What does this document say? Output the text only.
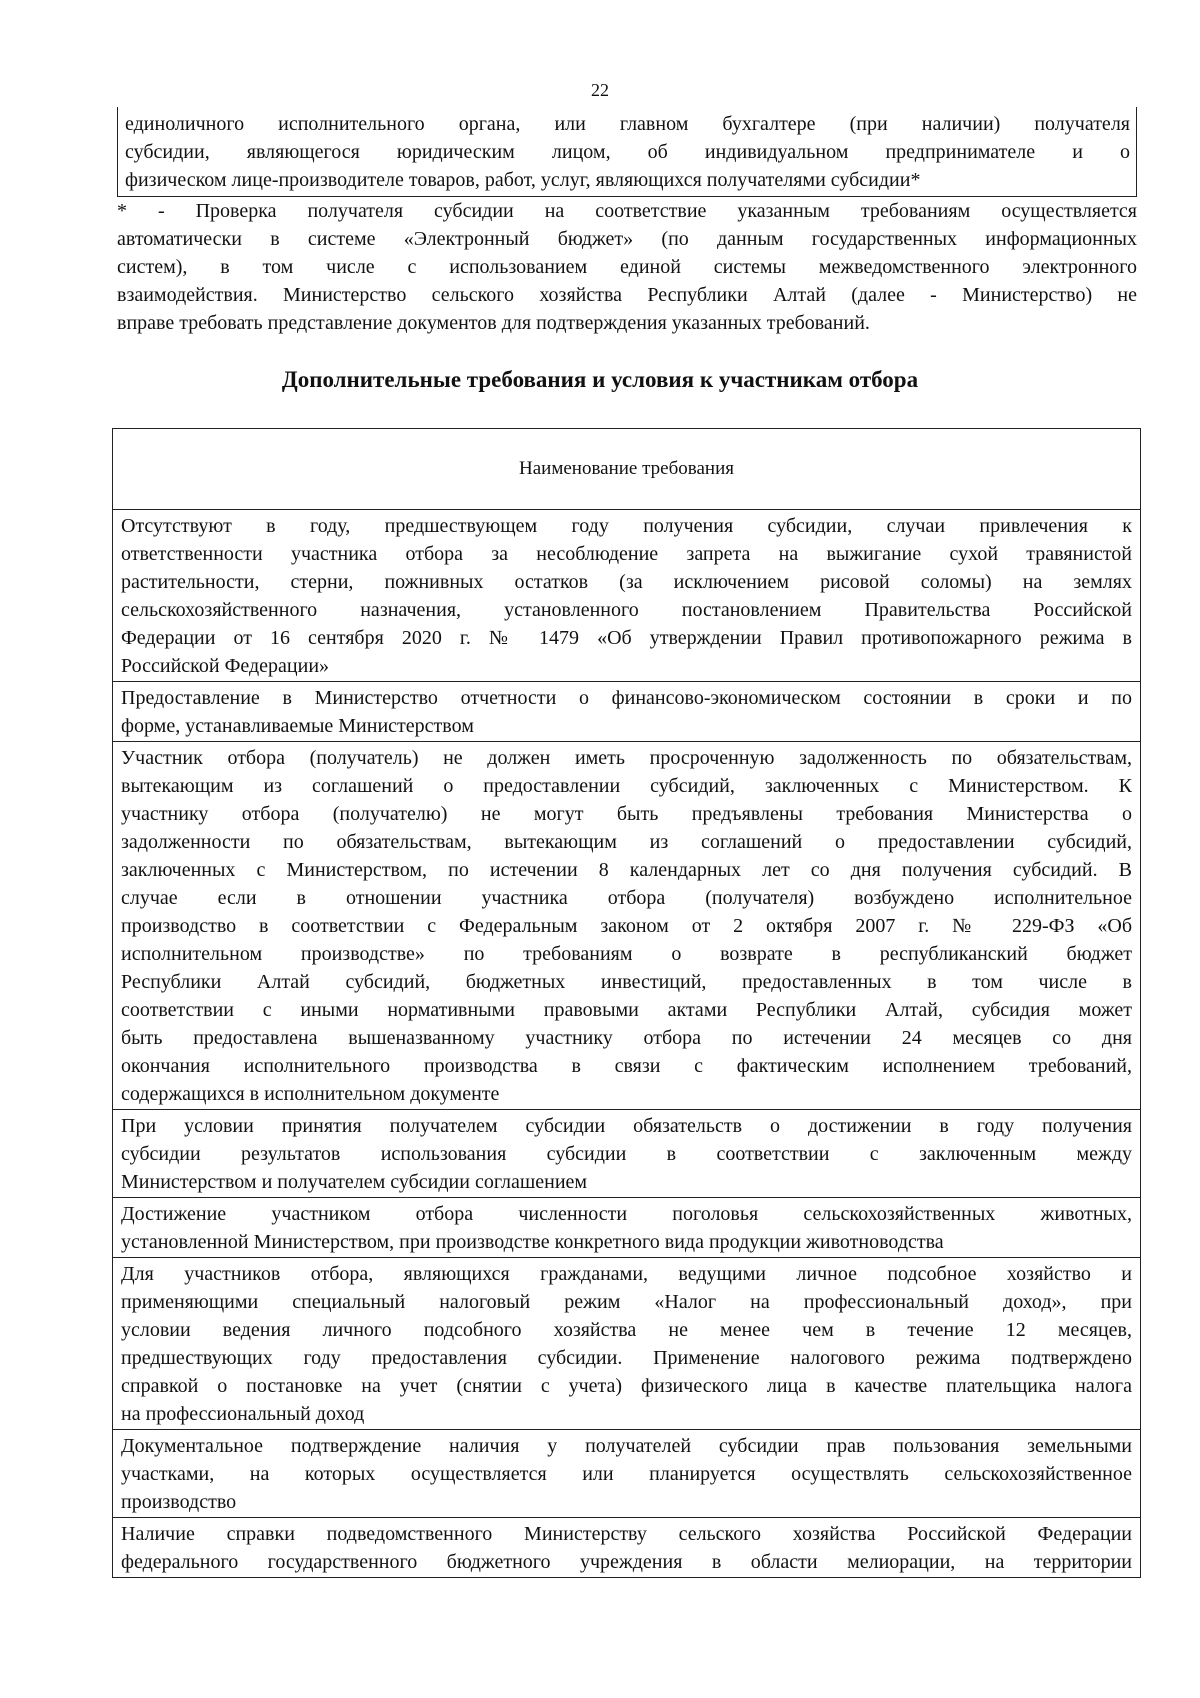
22
единоличного исполнительного органа, или главном бухгалтере (при наличии) получателя
субсидии, являющегося юридическим лицом, об индивидуальном предпринимателе и о
физическом лице-производителе товаров, работ, услуг, являющихся получателями субсидии*
* - Проверка получателя субсидии на соответствие указанным требованиям осуществляется
автоматически в системе «Электронный бюджет» (по данным государственных информационных
систем), в том числе с использованием единой системы межведомственного электронного
взаимодействия. Министерство сельского хозяйства Республики Алтай (далее - Министерство) не
вправе требовать представление документов для подтверждения указанных требований.
Дополнительные требования и условия к участникам отбора
Наименование требования

Отсутствуют в году, предшествующем году получения субсидии, случаи привлечения к
ответственности участника отбора за несоблюдение запрета на выжигание сухой травянистой
растительности, стерни, пожнивных остатков (за исключением рисовой соломы) на землях
сельскохозяйственного назначения, установленного постановлением Правительства Российской
Федерации от 16 сентября 2020 г. № 1479 «Об утверждении Правил противопожарного режима в
Российской Федерации»

Предоставление в Министерство отчетности о финансово-экономическом состоянии в сроки и по
форме, устанавливаемые Министерством

Участник отбора (получатель) не должен иметь просроченную задолженность по обязательствам,
вытекающим из соглашений о предоставлении субсидий, заключенных с Министерством. К
участнику отбора (получателю) не могут быть предъявлены требования Министерства о
задолженности по обязательствам, вытекающим из соглашений о предоставлении субсидий,
заключенных с Министерством, по истечении 8 календарных лет со дня получения субсидий. В
случае если в отношении участника отбора (получателя) возбуждено исполнительное
производство в соответствии с Федеральным законом от 2 октября 2007 г. № 229-ФЗ «Об
исполнительном производстве» по требованиям о возврате в республиканский бюджет
Республики Алтай субсидий, бюджетных инвестиций, предоставленных в том числе в
соответствии с иными нормативными правовыми актами Республики Алтай, субсидия может
быть предоставлена вышеназванному участнику отбора по истечении 24 месяцев со дня
окончания исполнительного производства в связи с фактическим исполнением требований,
содержащихся в исполнительном документе

При условии принятия получателем субсидии обязательств о достижении в году получения
субсидии результатов использования субсидии в соответствии с заключенным между
Министерством и получателем субсидии соглашением

Достижение участником отбора численности поголовья сельскохозяйственных животных,
установленной Министерством, при производстве конкретного вида продукции животноводства

Для участников отбора, являющихся гражданами, ведущими личное подсобное хозяйство и
применяющими специальный налоговый режим «Налог на профессиональный доход», при
условии ведения личного подсобного хозяйства не менее чем в течение 12 месяцев,
предшествующих году предоставления субсидии. Применение налогового режима подтверждено
справкой о постановке на учет (снятии с учета) физического лица в качестве плательщика налога
на профессиональный доход

Документальное подтверждение наличия у получателей субсидии прав пользования земельными
участками, на которых осуществляется или планируется осуществлять сельскохозяйственное
производство

Наличие справки подведомственного Министерству сельского хозяйства Российской Федерации
федерального государственного бюджетного учреждения в области мелиорации, на территории
